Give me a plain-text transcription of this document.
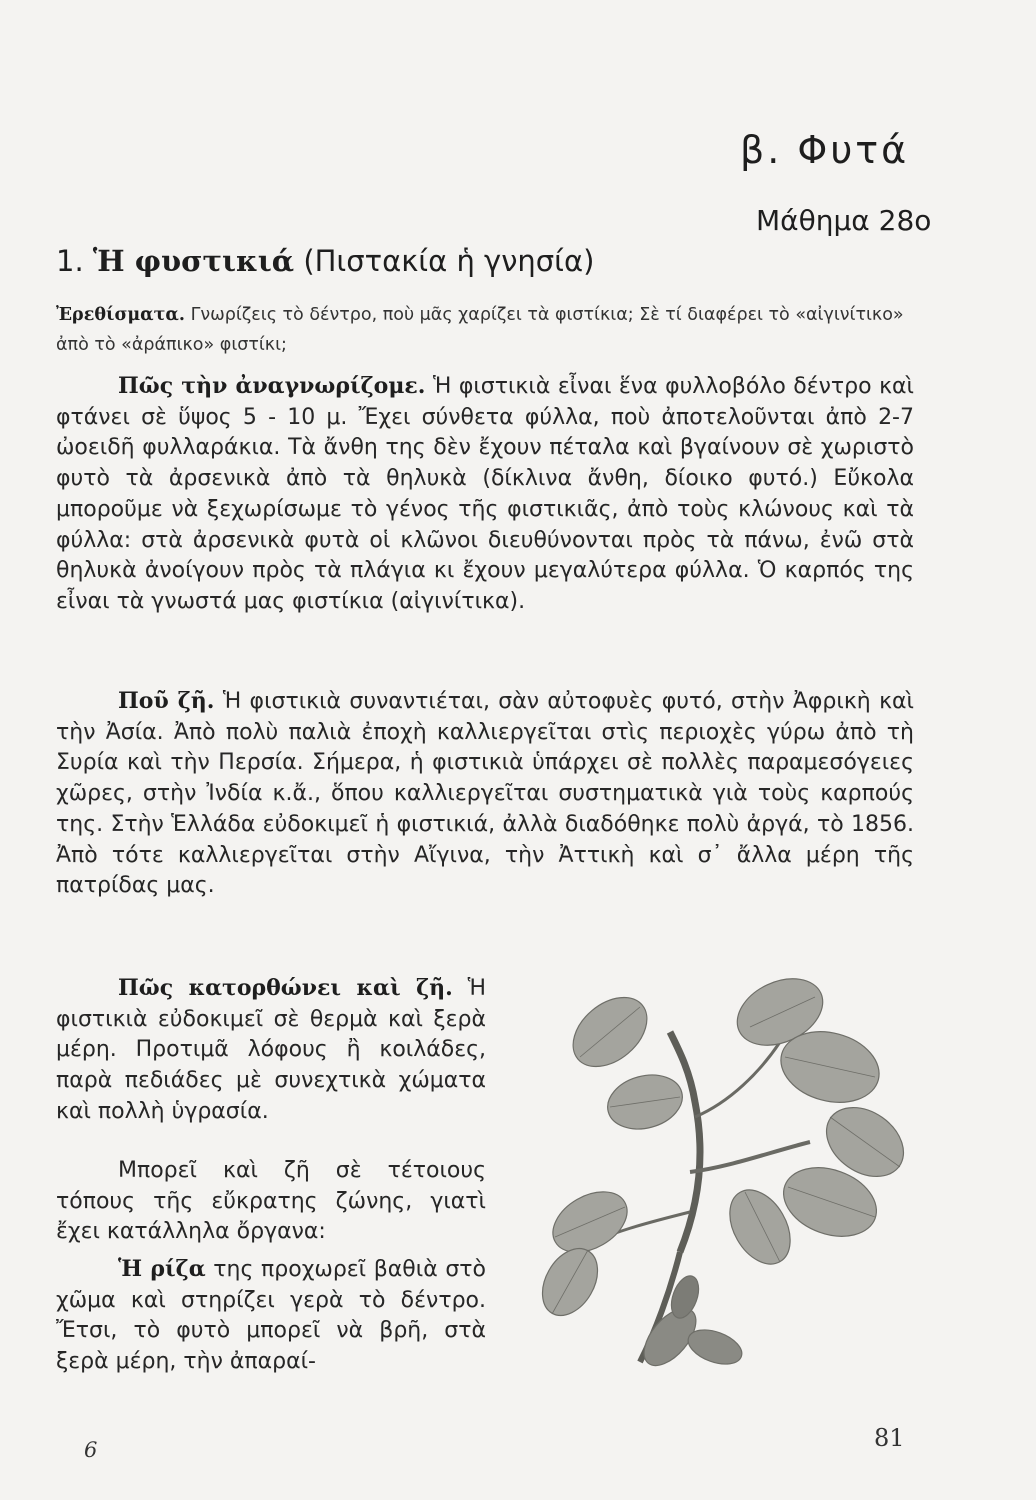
β. Φυτά
Μάθημα 28ο
1. Ἡ φυστικιά (Πιστακία ἡ γνησία)
Ἐρεθίσματα. Γνωρίζεις τὸ δέντρο, ποὺ μᾶς χαρίζει τὰ φιστίκια; Σὲ τί διαφέρει τὸ «αἰγινίτικο» ἀπὸ τὸ «ἀράπικο» φιστίκι;
Πῶς τὴν ἀναγνωρίζομε. Ἡ φιστικιὰ εἶναι ἕνα φυλλοβόλο δέντρο καὶ φτάνει σὲ ὕψος 5 - 10 μ. Ἔχει σύνθετα φύλλα, ποὺ ἀποτελοῦνται ἀπὸ 2-7 ὠοειδῆ φυλλαράκια. Τὰ ἄνθη της δὲν ἔχουν πέταλα καὶ βγαίνουν σὲ χωριστὸ φυτὸ τὰ ἀρσενικὰ ἀπὸ τὰ θηλυκὰ (δίκλινα ἄνθη, δίοικο φυτό.) Εὔκολα μποροῦμε νὰ ξεχωρίσωμε τὸ γένος τῆς φιστικιᾶς, ἀπὸ τοὺς κλώνους καὶ τὰ φύλλα: στὰ ἀρσενικὰ φυτὰ οἱ κλῶνοι διευθύνονται πρὸς τὰ πάνω, ἐνῶ στὰ θηλυκὰ ἀνοίγουν πρὸς τὰ πλάγια κι ἔχουν μεγαλύτερα φύλλα. Ὁ καρπός της εἶναι τὰ γνωστά μας φιστίκια (αἰγινίτικα).
Ποῦ ζῆ. Ἡ φιστικιὰ συναντιέται, σὰν αὐτοφυὲς φυτό, στὴν Ἀφρικὴ καὶ τὴν Ἀσία. Ἀπὸ πολὺ παλιὰ ἐποχὴ καλλιεργεῖται στὶς περιοχὲς γύρω ἀπὸ τὴ Συρία καὶ τὴν Περσία. Σήμερα, ἡ φιστικιὰ ὑπάρχει σὲ πολλὲς παραμεσόγειες χῶρες, στὴν Ἰνδία κ.ἄ., ὅπου καλλιεργεῖται συστηματικὰ γιὰ τοὺς καρπούς της. Στὴν Ἑλλάδα εὐδοκιμεῖ ἡ φιστικιά, ἀλλὰ διαδόθηκε πολὺ ἀργά, τὸ 1856. Ἀπὸ τότε καλλιεργεῖται στὴν Αἴγινα, τὴν Ἀττικὴ καὶ σ᾽ ἄλλα μέρη τῆς πατρίδας μας.
Πῶς κατορθώνει καὶ ζῆ. Ἡ φιστικιὰ εὐδοκιμεῖ σὲ θερμὰ καὶ ξερὰ μέρη. Προτιμᾶ λόφους ἢ κοιλάδες, παρὰ πεδιάδες μὲ συνεχτικὰ χώματα καὶ πολλὴ ὑγρασία.
Μπορεῖ καὶ ζῆ σὲ τέτοιους τόπους τῆς εὔκρατης ζώνης, γιατὶ ἔχει κατάλληλα ὄργανα:
Ἡ ρίζα της προχωρεῖ βαθιὰ στὸ χῶμα καὶ στηρίζει γερὰ τὸ δέντρο. Ἔτσι, τὸ φυτὸ μπορεῖ νὰ βρῆ, στὰ ξερὰ μέρη, τὴν ἀπαραί-
6	81
